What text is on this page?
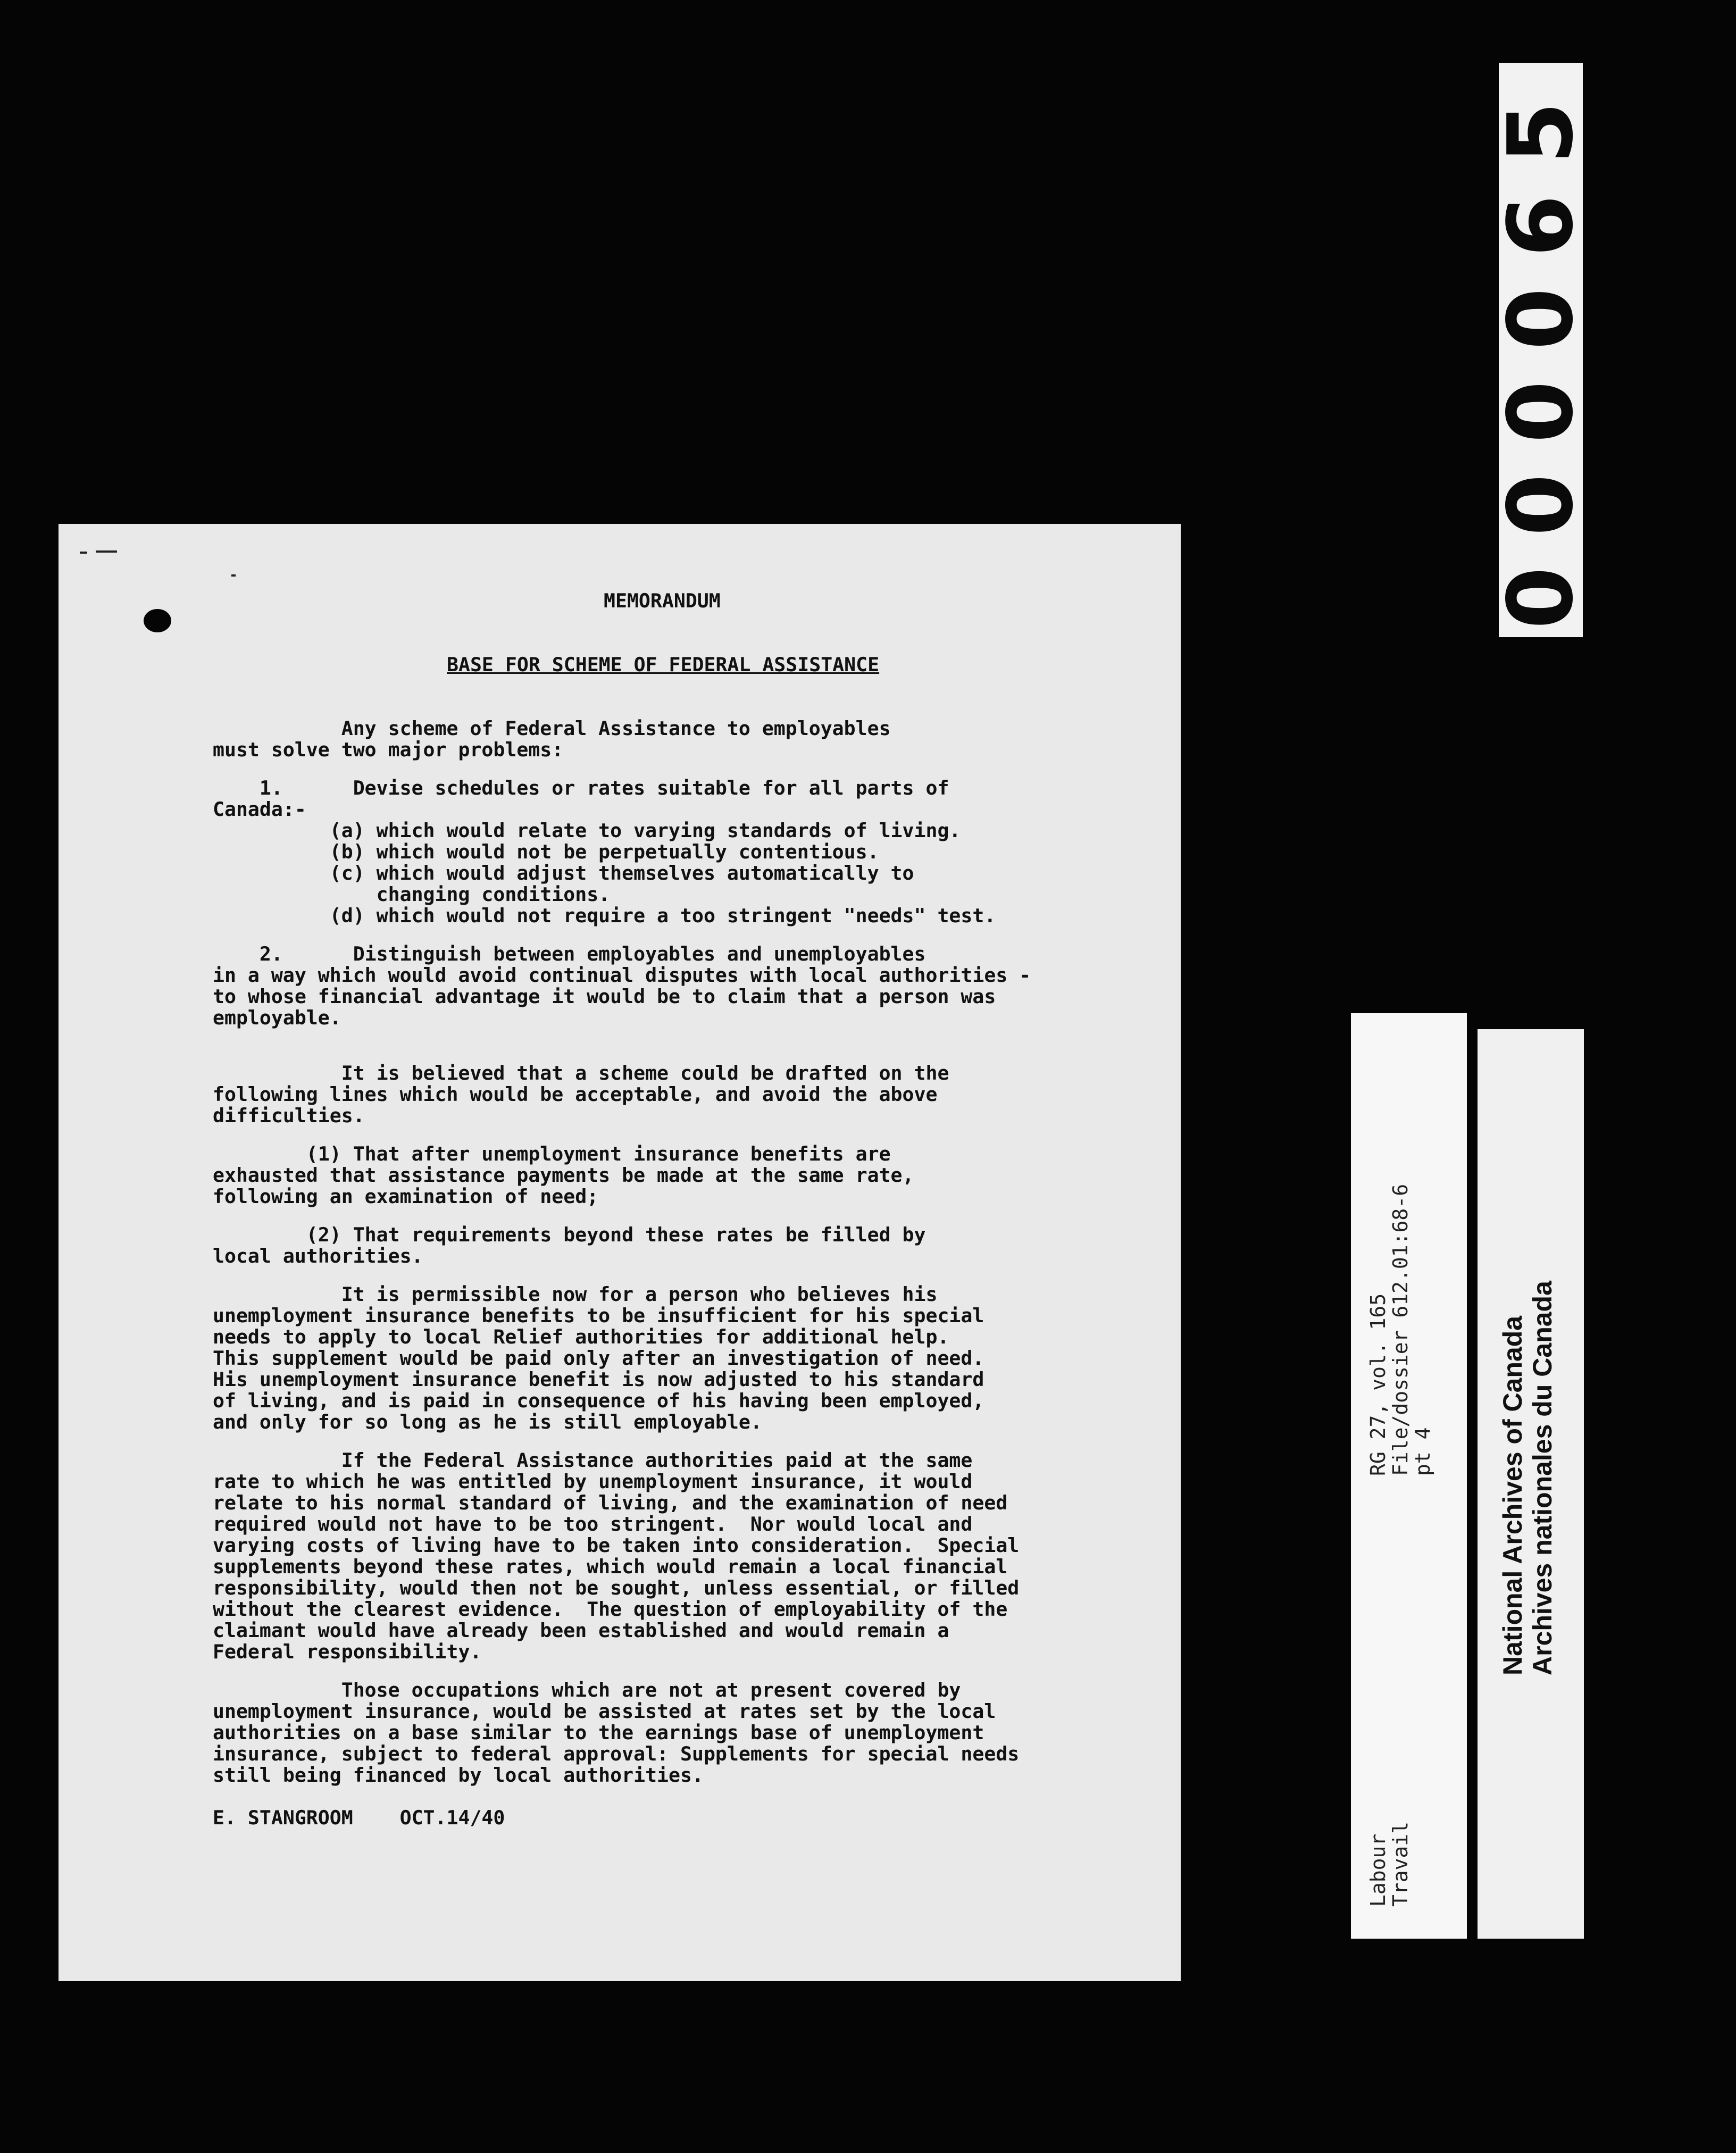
000065

MEMORANDUM

BASE FOR SCHEME OF FEDERAL ASSISTANCE

Any scheme of Federal Assistance to employables

must solve two major problems:

1.      Devise schedules or rates suitable for all parts of

Canada:-

(a) which would relate to varying standards of living.

(b) which would not be perpetually contentious.

(c) which would adjust themselves automatically to

changing conditions.

(d) which would not require a too stringent "needs" test.

2.      Distinguish between employables and unemployables

in a way which would avoid continual disputes with local authorities -

to whose financial advantage it would be to claim that a person was

employable.

It is believed that a scheme could be drafted on the

following lines which would be acceptable, and avoid the above

difficulties.

(1) That after unemployment insurance benefits are

exhausted that assistance payments be made at the same rate,

following an examination of need;

(2) That requirements beyond these rates be filled by

local authorities.

It is permissible now for a person who believes his

unemployment insurance benefits to be insufficient for his special

needs to apply to local Relief authorities for additional help.

This supplement would be paid only after an investigation of need.

His unemployment insurance benefit is now adjusted to his standard

of living, and is paid in consequence of his having been employed,

and only for so long as he is still employable.

If the Federal Assistance authorities paid at the same

rate to which he was entitled by unemployment insurance, it would

relate to his normal standard of living, and the examination of need

required would not have to be too stringent.  Nor would local and

varying costs of living have to be taken into consideration.  Special

supplements beyond these rates, which would remain a local financial

responsibility, would then not be sought, unless essential, or filled

without the clearest evidence.  The question of employability of the

claimant would have already been established and would remain a

Federal responsibility.

Those occupations which are not at present covered by

unemployment insurance, would be assisted at rates set by the local

authorities on a base similar to the earnings base of unemployment

insurance, subject to federal approval: Supplements for special needs

still being financed by local authorities.

E. STANGROOM    OCT.14/40

RG 27, vol. 165
File/dossier 612.01:68-6
pt 4
Labour
Travail
National Archives of Canada Archives nationales du Canada
